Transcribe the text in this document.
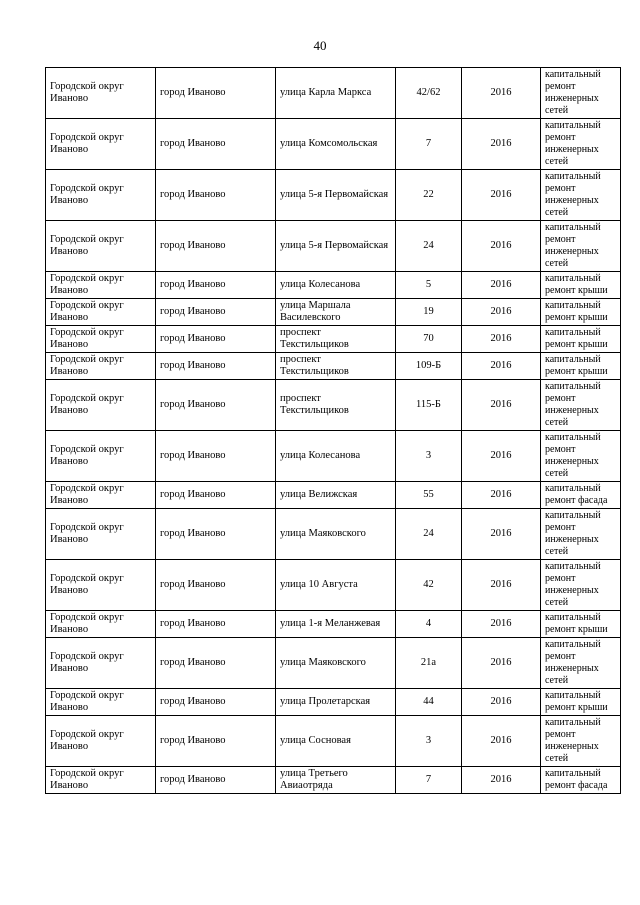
40
Городской округ Иваново	город Иваново	улица Карла Маркса	42/62	2016	капитальный ремонт инженерных сетей
Городской округ Иваново	город Иваново	улица Комсомольская	7	2016	капитальный ремонт инженерных сетей
Городской округ Иваново	город Иваново	улица 5-я Первомайская	22	2016	капитальный ремонт инженерных сетей
Городской округ Иваново	город Иваново	улица 5-я Первомайская	24	2016	капитальный ремонт инженерных сетей
Городской округ Иваново	город Иваново	улица Колесанова	5	2016	капитальный ремонт крыши
Городской округ Иваново	город Иваново	улица Маршала Василевского	19	2016	капитальный ремонт крыши
Городской округ Иваново	город Иваново	проспект Текстильщиков	70	2016	капитальный ремонт крыши
Городской округ Иваново	город Иваново	проспект Текстильщиков	109-Б	2016	капитальный ремонт крыши
Городской округ Иваново	город Иваново	проспект Текстильщиков	115-Б	2016	капитальный ремонт инженерных сетей
Городской округ Иваново	город Иваново	улица Колесанова	3	2016	капитальный ремонт инженерных сетей
Городской округ Иваново	город Иваново	улица Велижская	55	2016	капитальный ремонт фасада
Городской округ Иваново	город Иваново	улица Маяковского	24	2016	капитальный ремонт инженерных сетей
Городской округ Иваново	город Иваново	улица 10 Августа	42	2016	капитальный ремонт инженерных сетей
Городской округ Иваново	город Иваново	улица 1-я Меланжевая	4	2016	капитальный ремонт крыши
Городской округ Иваново	город Иваново	улица Маяковского	21а	2016	капитальный ремонт инженерных сетей
Городской округ Иваново	город Иваново	улица Пролетарская	44	2016	капитальный ремонт крыши
Городской округ Иваново	город Иваново	улица Сосновая	3	2016	капитальный ремонт инженерных сетей
Городской округ Иваново	город Иваново	улица Третьего Авиаотряда	7	2016	капитальный ремонт фасада
